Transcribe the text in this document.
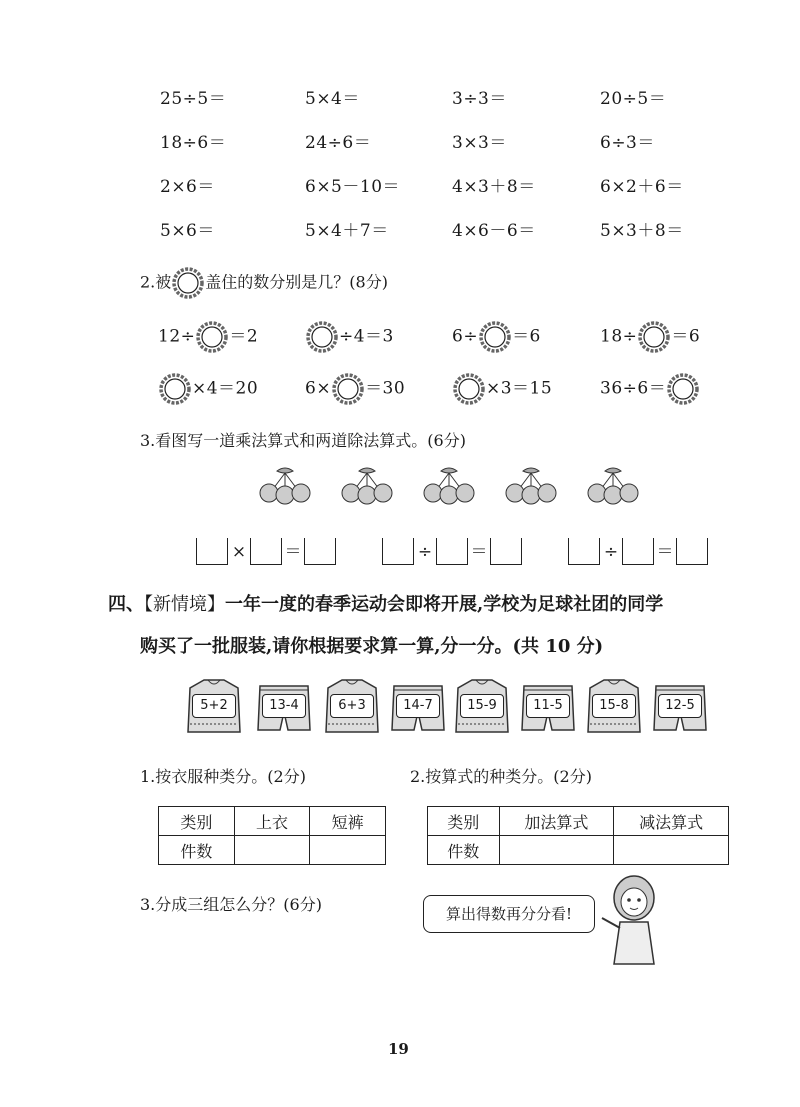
25÷5＝	5×4＝	3÷3＝	20÷5＝
18÷6＝	24÷6＝	3×3＝	6÷3＝
2×6＝	6×5－10＝	4×3＋8＝	6×2＋6＝
5×6＝	5×4＋7＝	4×6－6＝	5×3＋8＝
2.被 盖住的数分别是几？(8分)
12÷ ＝2	÷4＝3	6÷ ＝6	18÷ ＝6
×4＝20	6× ＝30	×3＝15	36÷6＝
3.看图写一道乘法算式和两道除法算式。(6分)
× ＝	÷ ＝	÷ ＝
四、【新情境】一年一度的春季运动会即将开展,学校为足球社团的同学
购买了一批服装,请你根据要求算一算,分一分。(共 10 分)
5+2	13-4	6+3	14-7	15-9	11-5	15-8	12-5
1.按衣服种类分。(2分)	2.按算式的种类分。(2分)
类别	上衣	短裤
件数		
类别	加法算式	减法算式
件数		
3.分成三组怎么分？(6分)	算出得数再分分看!
19
